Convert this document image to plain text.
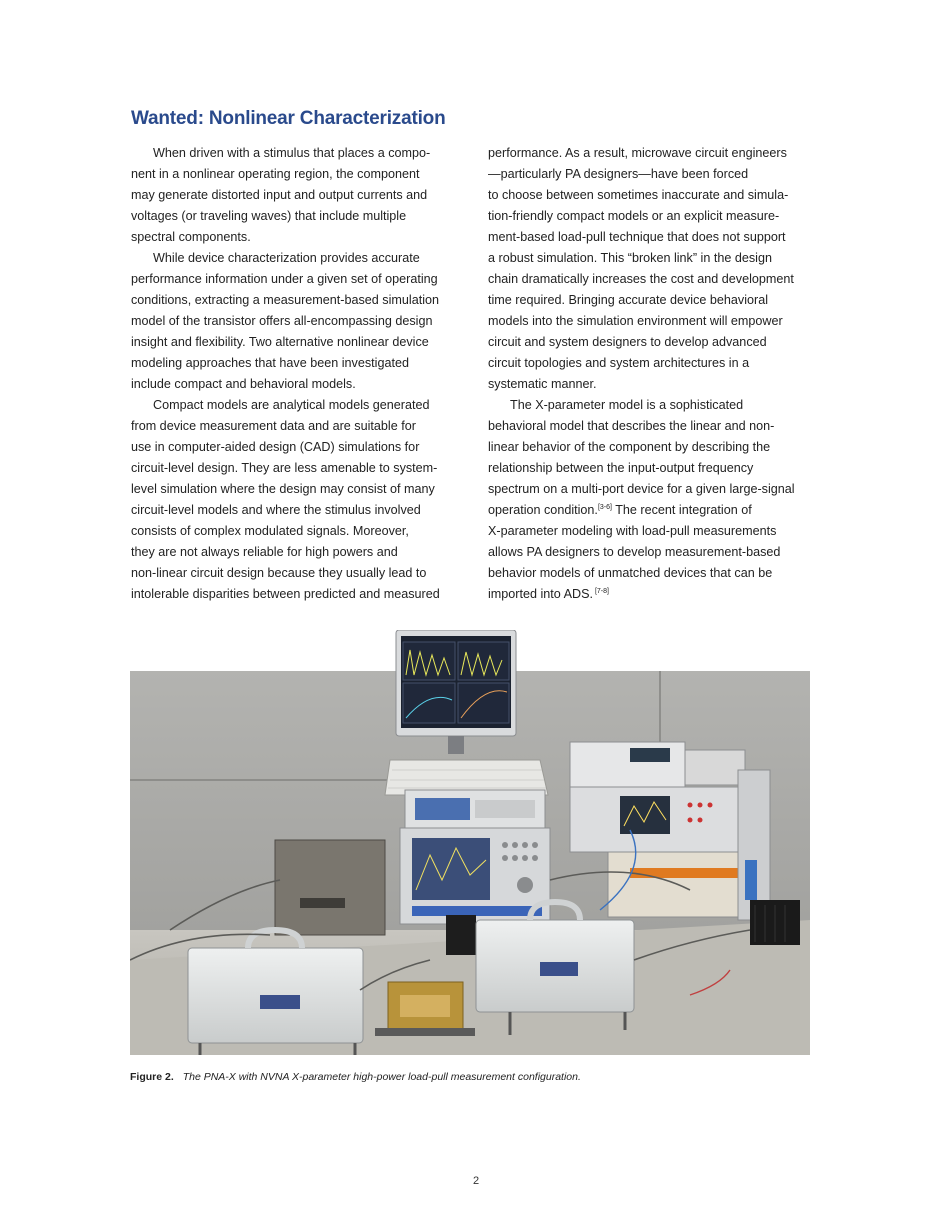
Wanted: Nonlinear Characterization

When driven with a stimulus that places a compo-
nent in a nonlinear operating region, the component
may generate distorted input and output currents and
voltages (or traveling waves) that include multiple
spectral components.

While device characterization provides accurate
performance information under a given set of operating
conditions, extracting a measurement-based simulation
model of the transistor offers all-encompassing design
insight and flexibility. Two alternative nonlinear device
modeling approaches that have been investigated
include compact and behavioral models.

Compact models are analytical models generated
from device measurement data and are suitable for
use in computer-aided design (CAD) simulations for
circuit-level design. They are less amenable to system-
level simulation where the design may consist of many
circuit-level models and where the stimulus involved
consists of complex modulated signals. Moreover,
they are not always reliable for high powers and
non-linear circuit design because they usually lead to
intolerable disparities between predicted and measured

performance. As a result, microwave circuit engineers
—particularly PA designers—have been forced
to choose between sometimes inaccurate and simula-
tion-friendly compact models or an explicit measure-
ment-based load-pull technique that does not support
a robust simulation. This “broken link” in the design
chain dramatically increases the cost and development
time required. Bringing accurate device behavioral
models into the simulation environment will empower
circuit and system designers to develop advanced
circuit topologies and system architectures in a
systematic manner.

The X-parameter model is a sophisticated
behavioral model that describes the linear and non-
linear behavior of the component by describing the
relationship between the input-output frequency
spectrum on a multi-port device for a given large-signal
operation condition.[3-6] The recent integration of
X-parameter modeling with load-pull measurements
allows PA designers to develop measurement-based
behavior models of unmatched devices that can be
imported into ADS. [7-8]

Figure 2. The PNA-X with NVNA X-parameter high-power load-pull measurement configuration.
2
